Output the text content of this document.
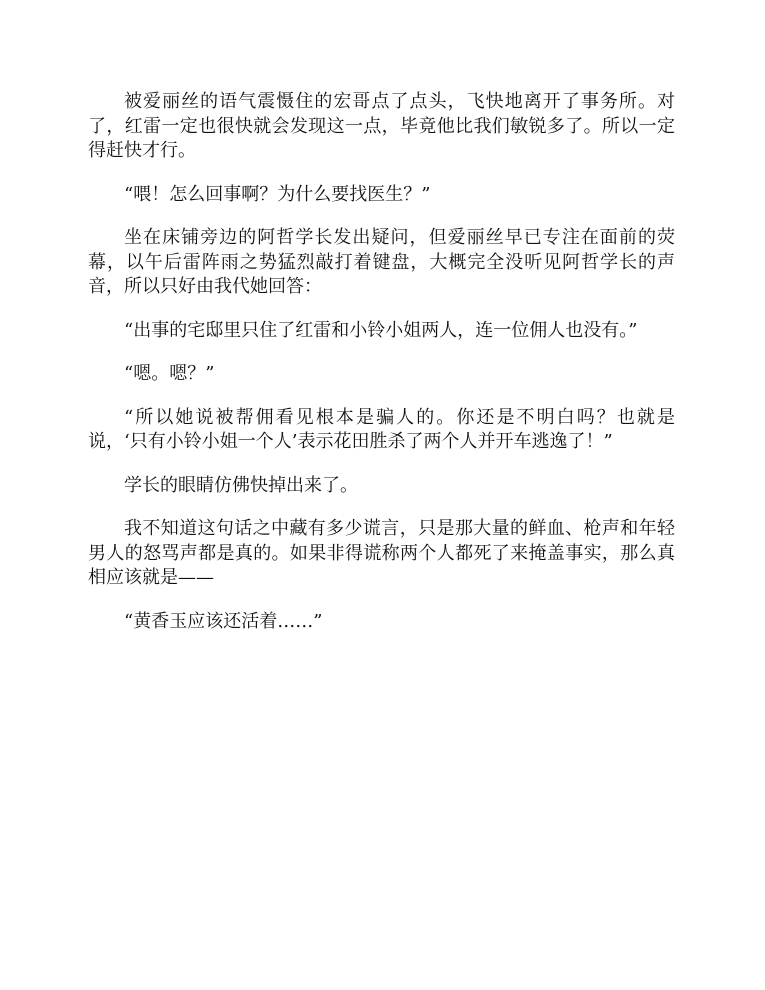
被爱丽丝的语气震慑住的宏哥点了点头，飞快地离开了事务所。对了，红雷一定也很快就会发现这一点，毕竟他比我们敏锐多了。所以一定得赶快才行。

“喂！怎么回事啊？为什么要找医生？”

坐在床铺旁边的阿哲学长发出疑问，但爱丽丝早已专注在面前的荧幕，以午后雷阵雨之势猛烈敲打着键盘，大概完全没听见阿哲学长的声音，所以只好由我代她回答：

“出事的宅邸里只住了红雷和小铃小姐两人，连一位佣人也没有。”

“嗯。嗯？”

“所以她说被帮佣看见根本是骗人的。你还是不明白吗？也就是说，‘只有小铃小姐一个人’表示花田胜杀了两个人并开车逃逸了！”

学长的眼睛仿佛快掉出来了。

我不知道这句话之中藏有多少谎言，只是那大量的鲜血、枪声和年轻男人的怒骂声都是真的。如果非得谎称两个人都死了来掩盖事实，那么真相应该就是——

“黄香玉应该还活着……”
